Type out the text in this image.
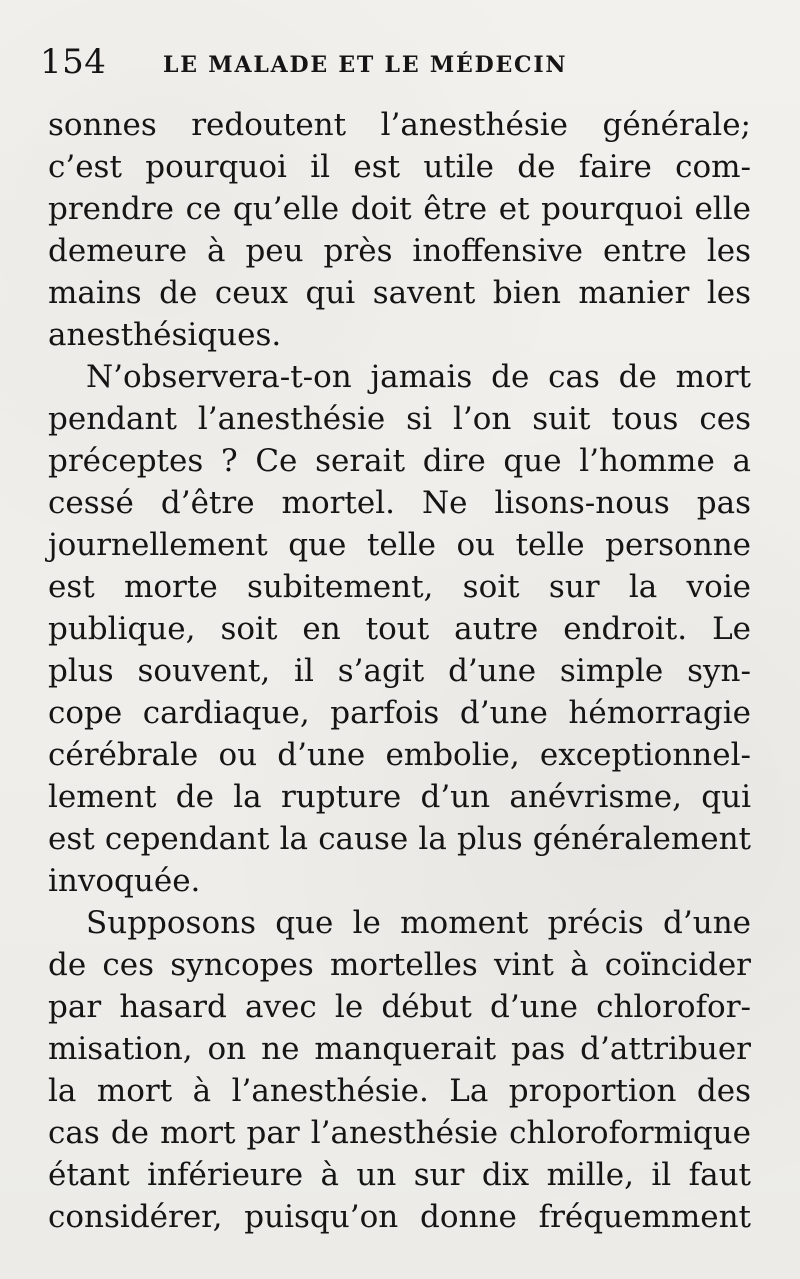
154	LE MALADE ET LE MÉDECIN
sonnes redoutent l’anesthésie générale;
c’est pourquoi il est utile de faire com-
prendre ce qu’elle doit être et pourquoi elle
demeure à peu près inoffensive entre les
mains de ceux qui savent bien manier les
anesthésiques.
N’observera-t-on jamais de cas de mort
pendant l’anesthésie si l’on suit tous ces
préceptes ? Ce serait dire que l’homme a
cessé d’être mortel. Ne lisons-nous pas
journellement que telle ou telle personne
est morte subitement, soit sur la voie
publique, soit en tout autre endroit. Le
plus souvent, il s’agit d’une simple syn-
cope cardiaque, parfois d’une hémorragie
cérébrale ou d’une embolie, exceptionnel-
lement de la rupture d’un anévrisme, qui
est cependant la cause la plus généralement
invoquée.
Supposons que le moment précis d’une
de ces syncopes mortelles vint à coïncider
par hasard avec le début d’une chlorofor-
misation, on ne manquerait pas d’attribuer
la mort à l’anesthésie. La proportion des
cas de mort par l’anesthésie chloroformique
étant inférieure à un sur dix mille, il faut
considérer, puisqu’on donne fréquemment
